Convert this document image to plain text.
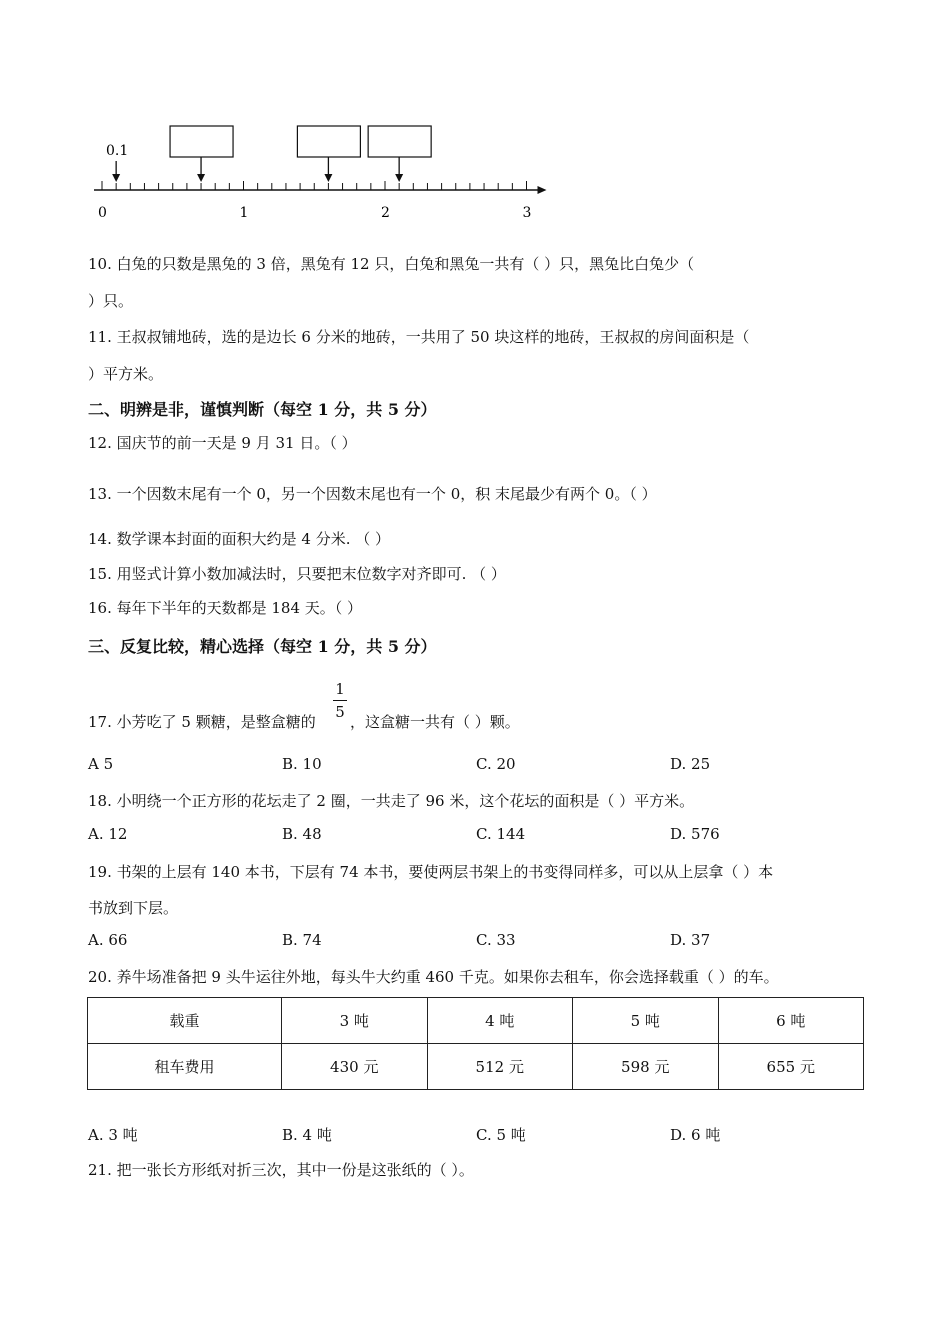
0.1
0	1	2	3
10. 白兔的只数是黑兔的 3 倍，黑兔有 12 只，白兔和黑兔一共有（ ）只，黑兔比白兔少（
）只。
11. 王叔叔铺地砖，选的是边长 6 分米的地砖，一共用了 50 块这样的地砖，王叔叔的房间面积是（
）平方米。
二、明辨是非，谨慎判断（每空 1 分，共 5 分）
12. 国庆节的前一天是 9 月 31 日。（ ）
13. 一个因数末尾有一个 0，另一个因数末尾也有一个 0，积 末尾最少有两个 0。（ ）
14. 数学课本封面的面积大约是 4 分米. （ ）
15. 用竖式计算小数加减法时，只要把末位数字对齐即可. （ ）
16. 每年下半年的天数都是 184 天。（ ）
三、反复比较，精心选择（每空 1 分，共 5 分）
17. 小芳吃了 5 颗糖，是整盒糖的
1
5
，这盒糖一共有（ ）颗。
A 5	B. 10	C. 20	D. 25
18. 小明绕一个正方形的花坛走了 2 圈，一共走了 96 米，这个花坛的面积是（ ）平方米。
A. 12	B. 48	C. 144	D. 576
19. 书架的上层有 140 本书，下层有 74 本书，要使两层书架上的书变得同样多，可以从上层拿（ ）本
书放到下层。
A. 66	B. 74	C. 33	D. 37
20. 养牛场准备把 9 头牛运往外地，每头牛大约重 460 千克。如果你去租车，你会选择载重（ ）的车。
载重	3 吨	4 吨	5 吨	6 吨
租车费用	430 元	512 元	598 元	655 元
A. 3 吨	B. 4 吨	C. 5 吨	D. 6 吨
21. 把一张长方形纸对折三次，其中一份是这张纸的（ ）。
